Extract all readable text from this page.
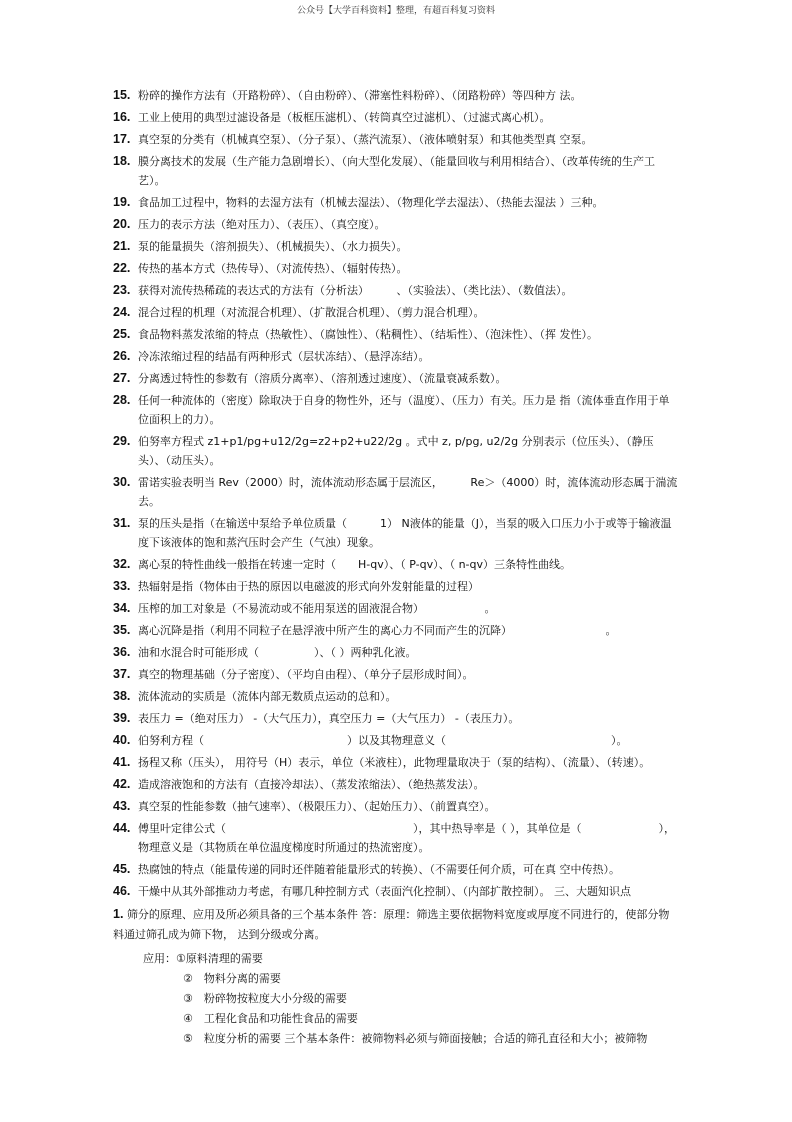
公众号【大学百科资料】整理，有超百科复习资料
15. 粉碎的操作方法有（开路粉碎）、（自由粉碎）、（滞塞性料粉碎）、（闭路粉碎）等四种方 法。
16. 工业上使用的典型过滤设备是（板框压滤机）、（转筒真空过滤机）、（过滤式离心机）。
17. 真空泵的分类有（机械真空泵）、（分子泵）、（蒸汽流泵）、（液体喷射泵）和其他类型真 空泵。
18. 膜分离技术的发展（生产能力急剧增长）、（向大型化发展）、（能量回收与利用相结合）、（改革传统的生产工艺）。
19. 食品加工过程中，物料的去湿方法有（机械去湿法）、（物理化学去湿法）、（热能去湿法 ）三种。
20. 压力的表示方法（绝对压力）、（表压）、（真空度）。
21. 泵的能量损失（溶剂损失）、（机械损失）、（水力损失）。
22. 传热的基本方式（热传导）、（对流传热）、（辐射传热）。
23. 获得对流传热稀疏的表达式的方法有（分析法）　　　、（实验法）、（类比法）、（数值法）。
24. 混合过程的机理（对流混合机理）、（扩散混合机理）、（剪力混合机理）。
25. 食品物料蒸发浓缩的特点（热敏性）、（腐蚀性）、（粘稠性）、（结垢性）、（泡沫性）、（挥 发性）。
26. 冷冻浓缩过程的结晶有两种形式（层状冻结）、（悬浮冻结）。
27. 分离透过特性的参数有（溶质分离率）、（溶剂透过速度）、（流量衰减系数）。
28. 任何一种流体的（密度）除取决于自身的物性外，还与（温度）、（压力）有关。压力是 指（流体垂直作用于单位面积上的力）。
29. 伯努率方程式 z1+p1/pg+u12/2g=z2+p2+u22/2g 。式中 z, p/pg, u2/2g 分别表示（位压头）、（静压头）、（动压头）。
30. 雷诺实验表明当 Rev（2000）时，流体流动形态属于层流区，　　　Re＞（4000）时，流体流动形态属于湍流去。
31. 泵的压头是指（在输送中泵给予单位质量（　　　1） N液体的能量（J），当泵的吸入口压力小于或等于输液温度下该液体的饱和蒸汽压时会产生（气浊）现象。
32. 离心泵的特性曲线一般指在转速一定时（　　H-qv）、（ P-qv）、（ n-qv）三条特性曲线。
33. 热辐射是指（物体由于热的原因以电磁波的形式向外发射能量的过程）
34. 压榨的加工对象是（不易流动或不能用泵送的固液混合物）　　　　　　。
35. 离心沉降是指（利用不同粒子在悬浮液中所产生的离心力不同而产生的沉降）　　　　　　　　　。
36. 油和水混合时可能形成（　　　　　）、（ ）两种乳化液。
37. 真空的物理基础（分子密度）、（平均自由程）、（单分子层形成时间）。
38. 流体流动的实质是（流体内部无数质点运动的总和）。
39. 表压力 =（绝对压力） -（大气压力），真空压力 =（大气压力） -（表压力）。
40. 伯努利方程（　　　　　　　　　　　　　）以及其物理意义（　　　　　　　　　　　　　　　）。
41. 扬程又称（压头）， 用符号（H）表示，单位（米液柱），此物理量取决于（泵的结构）、（流量）、（转速）。
42. 造成溶液饱和的方法有（直接冷却法）、（蒸发浓缩法）、（绝热蒸发法）。
43. 真空泵的性能参数（抽气速率）、（极限压力）、（起始压力）、（前置真空）。
44. 傅里叶定律公式（　　　　　　　　　　　　　　　　　），其中热导率是（ ），其单位是（　　　　　　　），物理意义是（其物质在单位温度梯度时所通过的热流密度）。
45. 热腐蚀的特点（能量传递的同时还伴随着能量形式的转换）、（不需要任何介质，可在真 空中传热）。
46. 干燥中从其外部推动力考虑，有哪几种控制方式（表面汽化控制）、（内部扩散控制）。 三、大题知识点
1. 筛分的原理、应用及所必须具备的三个基本条件 答：原理：筛选主要依据物料宽度或厚度不同进行的，使部分物料通过筛孔成为筛下物， 达到分级或分离。
应用：①原料清理的需要
②　物料分离的需要
③　粉碎物按粒度大小分级的需要
④　工程化食品和功能性食品的需要
⑤　粒度分析的需要 三个基本条件：被筛物料必须与筛面接触；合适的筛孔直径和大小；被筛物
